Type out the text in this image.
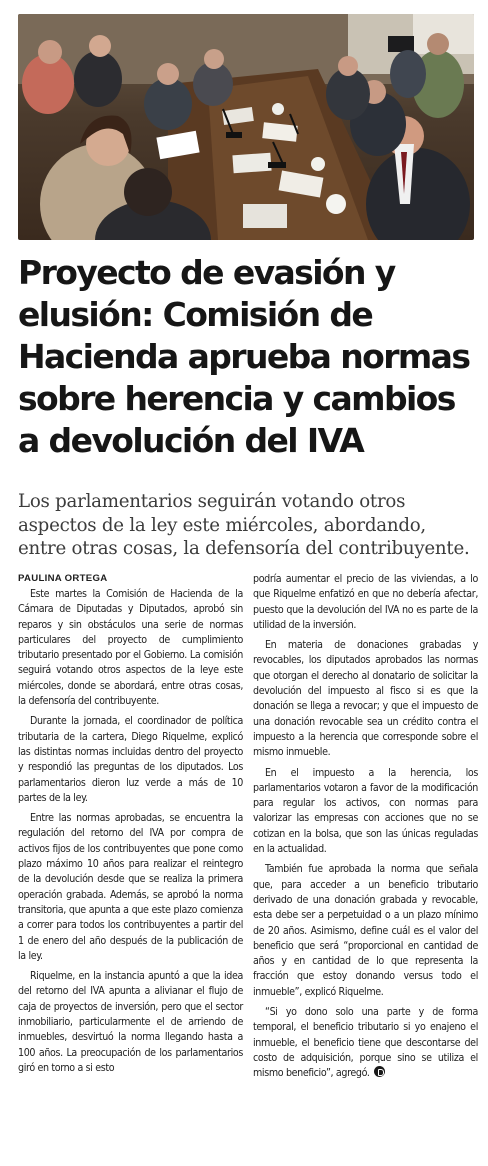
Proyecto de evasión y elusión: Comisión de Hacienda aprueba normas sobre herencia y cambios a devolución del IVA

Los parlamentarios seguirán votando otros aspectos de la ley este miércoles, abordando, entre otras cosas, la defensoría del contribuyente.

PAULINA ORTEGA

Este martes la Comisión de Hacienda de la Cámara de Diputadas y Diputados, aprobó sin reparos y sin obstáculos una serie de normas particulares del proyecto de cumplimiento tributario presentado por el Gobierno. La comisión seguirá votando otros aspectos de la leye este miércoles, donde se abordará, entre otras cosas, la defensoría del contribuyente.

Durante la jornada, el coordinador de política tributaria de la cartera, Diego Riquelme, explicó las distintas normas incluidas dentro del proyecto y respondió las preguntas de los diputados. Los parlamentarios dieron luz verde a más de 10 partes de la ley.

Entre las normas aprobadas, se encuentra la regulación del retorno del IVA por compra de activos fijos de los contribuyentes que pone como plazo máximo 10 años para realizar el reintegro de la devolución desde que se realiza la primera operación grabada. Además, se aprobó la norma transitoria, que apunta a que este plazo comienza a correr para todos los contribuyentes a partir del 1 de enero del año después de la publicación de la ley.

Riquelme, en la instancia apuntó a que la idea del retorno del IVA apunta a alivianar el flujo de caja de proyectos de inversión, pero que el sector inmobiliario, particularmente el de arriendo de inmuebles, desvirtuó la norma llegando hasta a 100 años. La preocupación de los parlamentarios giró en torno a si esto

podría aumentar el precio de las viviendas, a lo que Riquelme enfatizó en que no debería afectar, puesto que la devolución del IVA no es parte de la utilidad de la inversión.

En materia de donaciones grabadas y revocables, los diputados aprobados las normas que otorgan el derecho al donatario de solicitar la devolución del impuesto al fisco si es que la donación se llega a revocar; y que el impuesto de una donación revocable sea un crédito contra el impuesto a la herencia que corresponde sobre el mismo inmueble.

En el impuesto a la herencia, los parlamentarios votaron a favor de la modificación para regular los activos, con normas para valorizar las empresas con acciones que no se cotizan en la bolsa, que son las únicas reguladas en la actualidad.

También fue aprobada la norma que señala que, para acceder a un beneficio tributario derivado de una donación grabada y revocable, esta debe ser a perpetuidad o a un plazo mínimo de 20 años. Asimismo, define cuál es el valor del beneficio que será “proporcional en cantidad de años y en cantidad de lo que representa la fracción que estoy donando versus todo el inmueble”, explicó Riquelme.

“Si yo dono solo una parte y de forma temporal, el beneficio tributario si yo enajeno el inmueble, el beneficio tiene que descontarse del costo de adquisición, porque sino se utiliza el mismo beneficio”, agregó.
